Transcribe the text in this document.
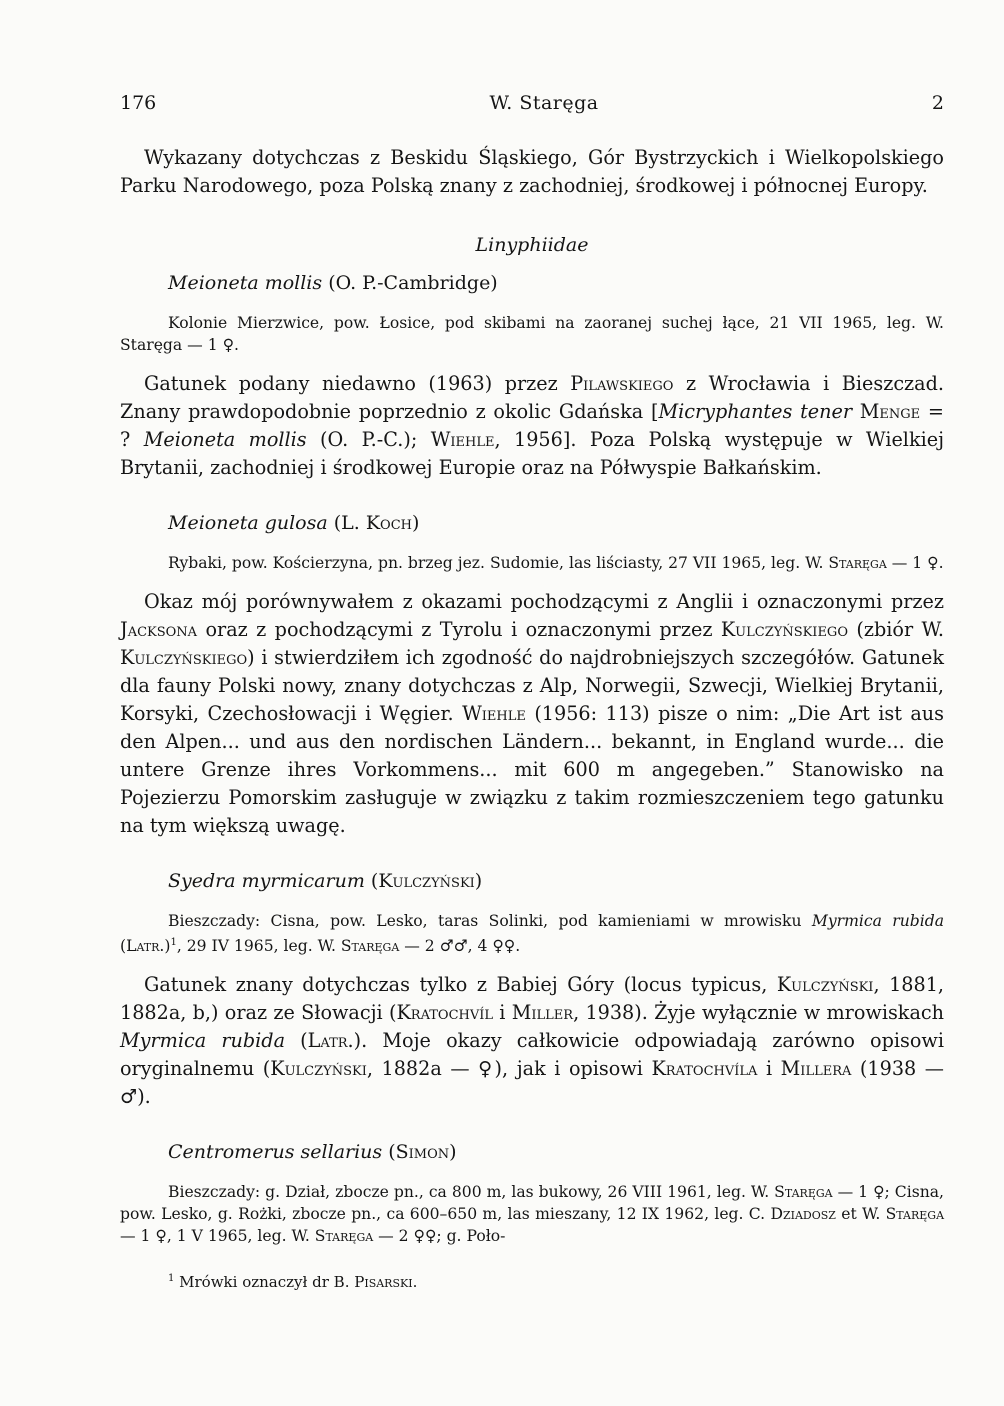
176	W. Staręga	2

Wykazany dotychczas z Beskidu Śląskiego, Gór Bystrzyckich i Wielkopolskiego Parku Narodowego, poza Polską znany z zachodniej, środkowej i północnej Europy.

Linyphiidae
Meioneta mollis (O. P.-Cambridge)

Kolonie Mierzwice, pow. Łosice, pod skibami na zaoranej suchej łące, 21 VII 1965, leg. W. Staręga — 1 ♀.

Gatunek podany niedawno (1963) przez Pilawskiego z Wrocławia i Bieszczad. Znany prawdopodobnie poprzednio z okolic Gdańska [Micryphantes tener Menge = ? Meioneta mollis (O. P.-C.); Wiehle, 1956]. Poza Polską występuje w Wielkiej Brytanii, zachodniej i środkowej Europie oraz na Półwyspie Bałkańskim.

Meioneta gulosa (L. Koch)

Rybaki, pow. Kościerzyna, pn. brzeg jez. Sudomie, las liściasty, 27 VII 1965, leg. W. Staręga — 1 ♀.

Okaz mój porównywałem z okazami pochodzącymi z Anglii i oznaczonymi przez Jacksona oraz z pochodzącymi z Tyrolu i oznaczonymi przez Kulczyńskiego (zbiór W. Kulczyńskiego) i stwierdziłem ich zgodność do najdrobniejszych szczegółów. Gatunek dla fauny Polski nowy, znany dotychczas z Alp, Norwegii, Szwecji, Wielkiej Brytanii, Korsyki, Czechosłowacji i Węgier. Wiehle (1956: 113) pisze o nim: „Die Art ist aus den Alpen... und aus den nordischen Ländern... bekannt, in England wurde... die untere Grenze ihres Vorkommens... mit 600 m angegeben.” Stanowisko na Pojezierzu Pomorskim zasługuje w związku z takim rozmieszczeniem tego gatunku na tym większą uwagę.

Syedra myrmicarum (Kulczyński)

Bieszczady: Cisna, pow. Lesko, taras Solinki, pod kamieniami w mrowisku Myrmica rubida (Latr.)$^1$, 29 IV 1965, leg. W. Staręga — 2 ♂♂, 4 ♀♀.

Gatunek znany dotychczas tylko z Babiej Góry (locus typicus, Kulczyński, 1881, 1882a, b,) oraz ze Słowacji (Kratochvíl i Miller, 1938). Żyje wyłącznie w mrowiskach Myrmica rubida (Latr.). Moje okazy całkowicie odpowiadają zarówno opisowi oryginalnemu (Kulczyński, 1882a — ♀), jak i opisowi Kratochvíla i Millera (1938 — ♂).

Centromerus sellarius (Simon)

Bieszczady: g. Dział, zbocze pn., ca 800 m, las bukowy, 26 VIII 1961, leg. W. Staręga — 1 ♀; Cisna, pow. Lesko, g. Rożki, zbocze pn., ca 600–650 m, las mieszany, 12 IX 1962, leg. C. Dziadosz et W. Staręga — 1 ♀, 1 V 1965, leg. W. Staręga — 2 ♀♀; g. Poło-

$^1$ Mrówki oznaczył dr B. Pisarski.
